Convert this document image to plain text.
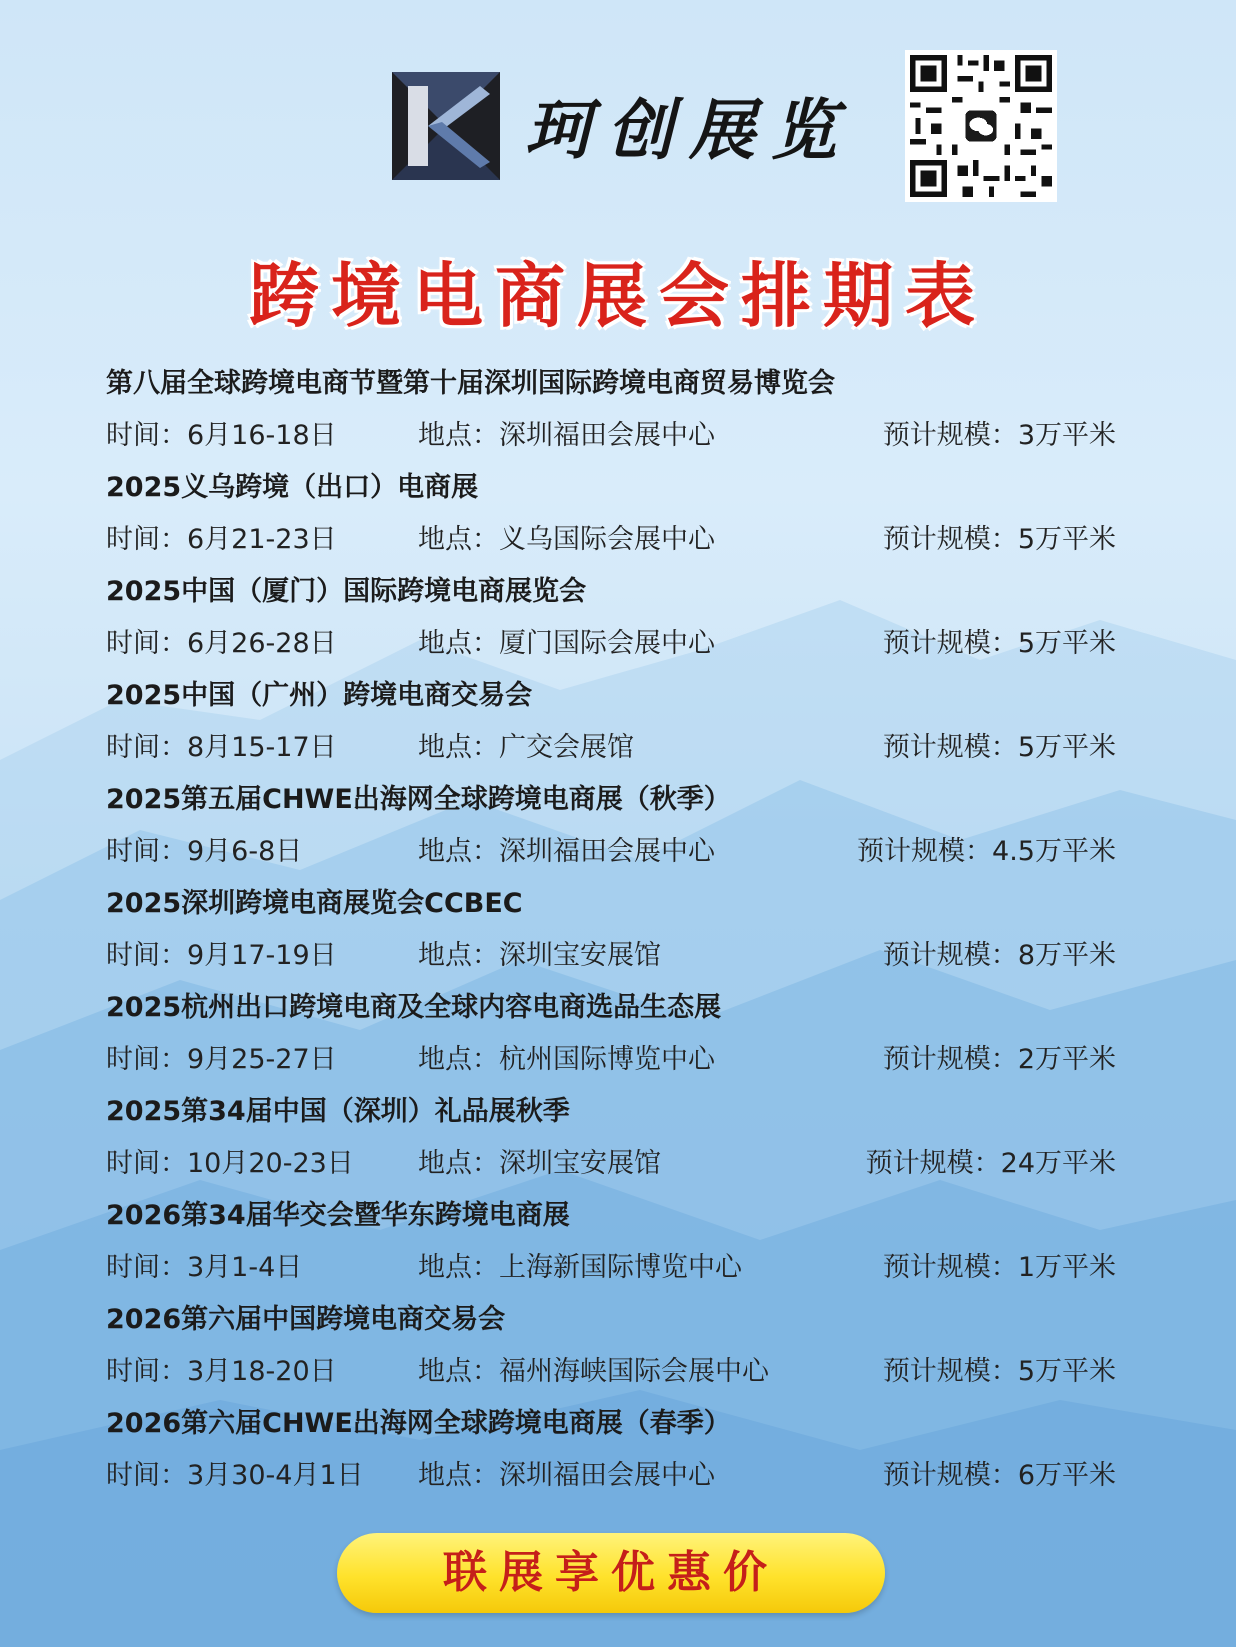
珂创展览
跨境电商展会排期表
第八届全球跨境电商节暨第十届深圳国际跨境电商贸易博览会
时间：6月16-18日	地点：深圳福田会展中心	预计规模：3万平米
2025义乌跨境（出口）电商展
时间：6月21-23日	地点：义乌国际会展中心	预计规模：5万平米
2025中国（厦门）国际跨境电商展览会
时间：6月26-28日	地点：厦门国际会展中心	预计规模：5万平米
2025中国（广州）跨境电商交易会
时间：8月15-17日	地点：广交会展馆	预计规模：5万平米
2025第五届CHWE出海网全球跨境电商展（秋季）
时间：9月6-8日	地点：深圳福田会展中心	预计规模：4.5万平米
2025深圳跨境电商展览会CCBEC
时间：9月17-19日	地点：深圳宝安展馆	预计规模：8万平米
2025杭州出口跨境电商及全球内容电商选品生态展
时间：9月25-27日	地点：杭州国际博览中心	预计规模：2万平米
2025第34届中国（深圳）礼品展秋季
时间：10月20-23日 地点：深圳宝安展馆	预计规模：24万平米
2026第34届华交会暨华东跨境电商展
时间：3月1-4日	地点：上海新国际博览中心	预计规模：1万平米
2026第六届中国跨境电商交易会
时间：3月18-20日	地点：福州海峡国际会展中心	预计规模：5万平米
2026第六届CHWE出海网全球跨境电商展（春季）
时间：3月30-4月1日 地点：深圳福田会展中心	预计规模：6万平米
联展享优惠价
